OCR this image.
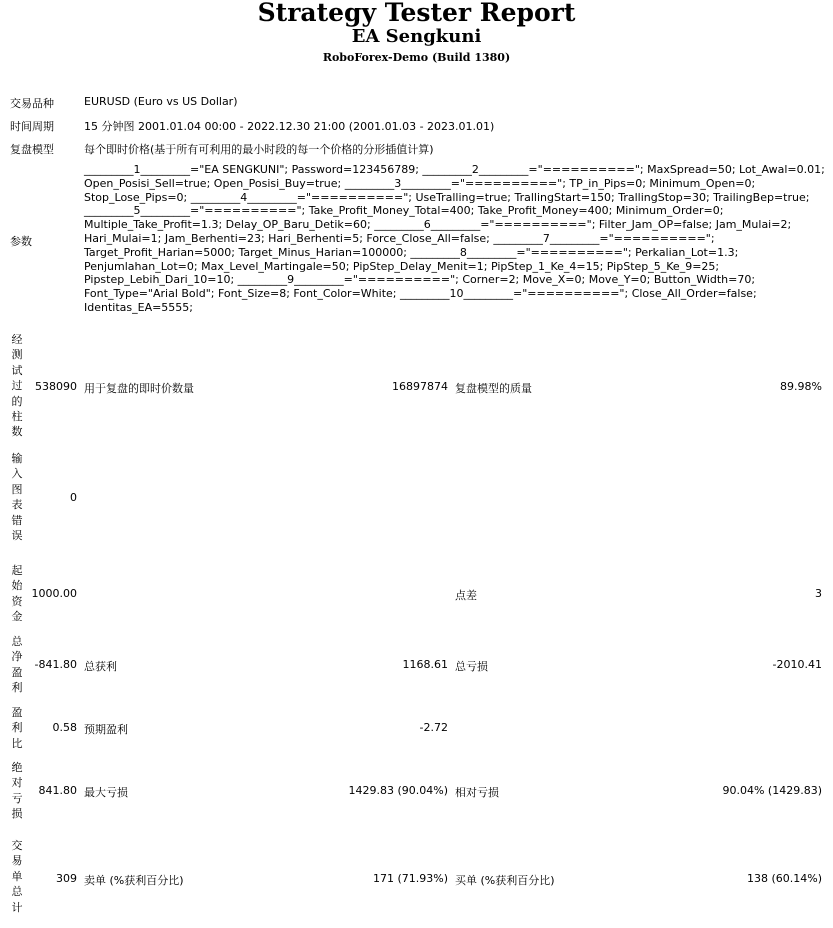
Strategy Tester Report
EA Sengkuni
RoboForex-Demo (Build 1380)
交易品种	EURUSD (Euro vs US Dollar)
时间周期	15 分钟图 2001.01.04 00:00 - 2022.12.30 21:00 (2001.01.03 - 2023.01.01)
复盘模型	每个即时价格(基于所有可利用的最小时段的每一个价格的分形插值计算)
参数
_________1_________="EA SENGKUNI"; Password=123456789; _________2_________="=========="; MaxSpread=50; Lot_Awal=0.01; Open_Posisi_Sell=true; Open_Posisi_Buy=true; _________3_________="=========="; TP_in_Pips=0; Minimum_Open=0; Stop_Lose_Pips=0; _________4_________="=========="; UseTralling=true; TrallingStart=150; TrallingStop=30; TrailingBep=true; _________5_________="=========="; Take_Profit_Money_Total=400; Take_Profit_Money=400; Minimum_Order=0; Multiple_Take_Profit=1.3; Delay_OP_Baru_Detik=60; _________6_________="=========="; Filter_Jam_OP=false; Jam_Mulai=2; Hari_Mulai=1; Jam_Berhenti=23; Hari_Berhenti=5; Force_Close_All=false; _________7_________="=========="; Target_Profit_Harian=5000; Target_Minus_Harian=100000; _________8_________="=========="; Perkalian_Lot=1.3; Penjumlahan_Lot=0; Max_Level_Martingale=50; PipStep_Delay_Menit=1; PipStep_1_Ke_4=15; PipStep_5_Ke_9=25; Pipstep_Lebih_Dari_10=10; _________9_________="=========="; Corner=2; Move_X=0; Move_Y=0; Button_Width=70; Font_Type="Arial Bold"; Font_Size=8; Font_Color=White; _________10_________="=========="; Close_All_Order=false; Identitas_EA=5555;
经测试过的柱数
538090 用于复盘的即时价数量	16897874 复盘模型的质量	89.98%
输入图表错误
0
起始资金
1000.00	点差	3
总净盈利
-841.80 总获利	1168.61 总亏损	-2010.41
盈利比
0.58 预期盈利	-2.72
绝对亏损
841.80 最大亏损	1429.83 (90.04%) 相对亏损	90.04% (1429.83)
交易单总计
309 卖单 (%获利百分比)	171 (71.93%) 买单 (%获利百分比)	138 (60.14%)
